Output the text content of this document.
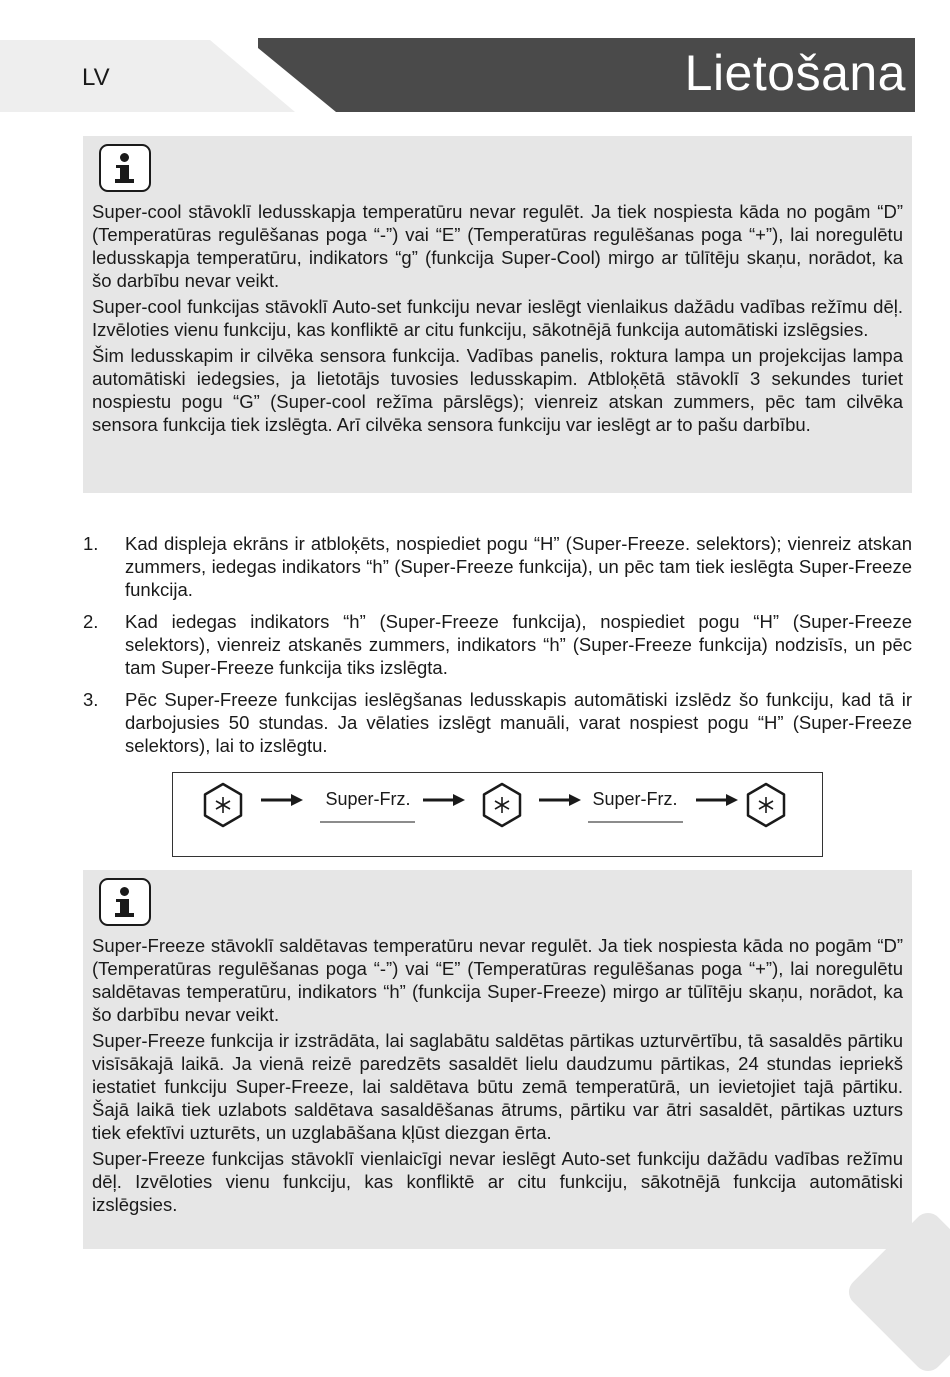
LV	Lietošana

Super-cool stāvoklī ledusskapja temperatūru nevar regulēt. Ja tiek nospiesta kāda no pogām “D” (Temperatūras regulēšanas poga “-”) vai “E” (Temperatūras regulēšanas poga “+”), lai noregulētu ledusskapja temperatūru, indikators “g” (funkcija Super-Cool) mirgo ar tūlītēju skaņu, norādot, ka šo darbību nevar veikt.

Super-cool funkcijas stāvoklī Auto-set funkciju nevar ieslēgt vienlaikus dažādu vadības režīmu dēļ. Izvēloties vienu funkciju, kas konfliktē ar citu funkciju, sākotnējā funkcija automātiski izslēgsies.

Šim ledusskapim ir cilvēka sensora funkcija. Vadības panelis, roktura lampa un projekcijas lampa automātiski iedegsies, ja lietotājs tuvosies ledusskapim. Atbloķētā stāvoklī 3 sekundes turiet nospiestu pogu “G” (Super-cool režīma pārslēgs); vienreiz atskan zummers, pēc tam cilvēka sensora funkcija tiek izslēgta. Arī cilvēka sensora funkciju var ieslēgt ar to pašu darbību.

1. Kad displeja ekrāns ir atbloķēts, nospiediet pogu “H” (Super-Freeze. selektors); vienreiz atskan zummers, iedegas indikators “h” (Super-Freeze funkcija), un pēc tam tiek ieslēgta Super-Freeze funkcija.
2. Kad iedegas indikators “h” (Super-Freeze funkcija), nospiediet pogu “H” (Super-Freeze selektors), vienreiz atskanēs zummers, indikators “h” (Super-Freeze funkcija) nodzisīs, un pēc tam Super-Freeze funkcija tiks izslēgta.
3. Pēc Super-Freeze funkcijas ieslēgšanas ledusskapis automātiski izslēdz šo funkciju, kad tā ir darbojusies 50 stundas. Ja vēlaties izslēgt manuāli, varat nospiest pogu “H” (Super-Freeze selektors), lai to izslēgtu.
Super-Frz.	Super-Frz.

Super-Freeze stāvoklī saldētavas temperatūru nevar regulēt. Ja tiek nospiesta kāda no pogām “D” (Temperatūras regulēšanas poga “-”) vai “E” (Temperatūras regulēšanas poga “+”), lai noregulētu saldētavas temperatūru, indikators “h” (funkcija Super-Freeze) mirgo ar tūlītēju skaņu, norādot, ka šo darbību nevar veikt.

Super-Freeze funkcija ir izstrādāta, lai saglabātu saldētas pārtikas uzturvērtību, tā sasaldēs pārtiku visīsākajā laikā. Ja vienā reizē paredzēts sasaldēt lielu daudzumu pārtikas, 24 stundas iepriekš iestatiet funkciju Super-Freeze, lai saldētava būtu zemā temperatūrā, un ievietojiet tajā pārtiku. Šajā laikā tiek uzlabots saldētava sasaldēšanas ātrums, pārtiku var ātri sasaldēt, pārtikas uzturs tiek efektīvi uzturēts, un uzglabāšana kļūst diezgan ērta.

Super-Freeze funkcijas stāvoklī vienlaicīgi nevar ieslēgt Auto-set funkciju dažādu vadības režīmu dēļ. Izvēloties vienu funkciju, kas konfliktē ar citu funkciju, sākotnējā funkcija automātiski izslēgsies.
